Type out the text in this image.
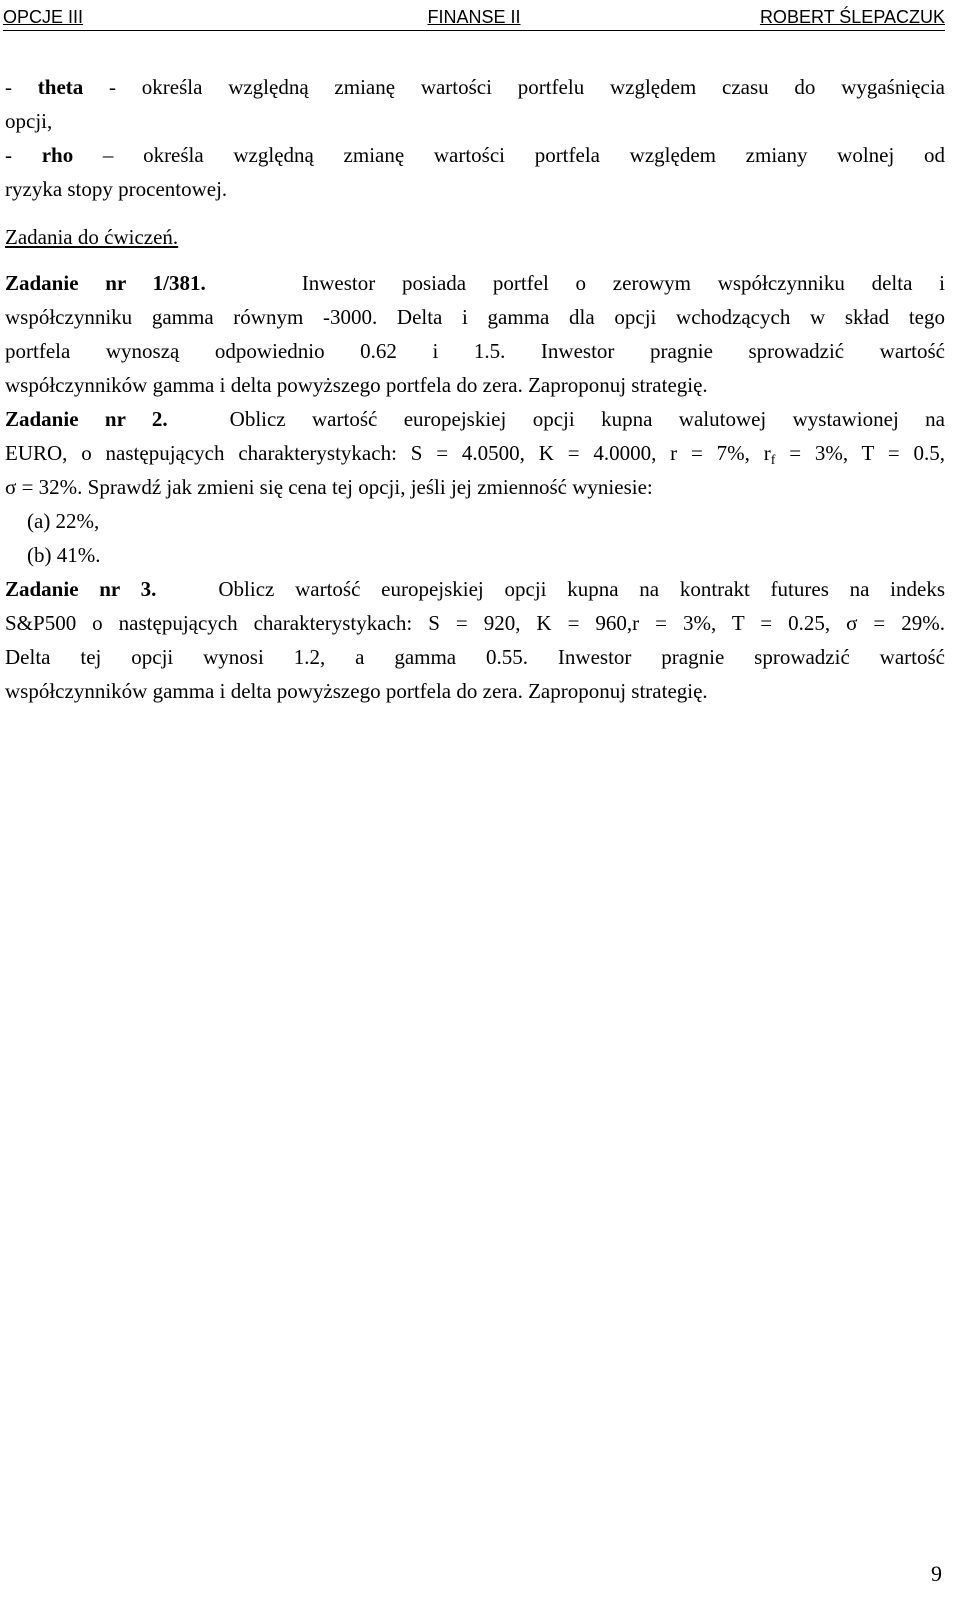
OPCJE III	FINANSE II	ROBERT ŚLEPACZUK
- theta - określa względną zmianę wartości portfelu względem czasu do wygaśnięcia
opcji,
- rho – określa względną zmianę wartości portfela względem zmiany wolnej od
ryzyka stopy procentowej.
Zadania do ćwiczeń.
Zadanie nr 1/381.	Inwestor posiada portfel o zerowym współczynniku delta i
współczynniku gamma równym -3000. Delta i gamma dla opcji wchodzących w skład tego
portfela wynoszą odpowiednio 0.62 i 1.5. Inwestor pragnie sprowadzić wartość
współczynników gamma i delta powyższego portfela do zera. Zaproponuj strategię.
Zadanie nr 2.	Oblicz wartość europejskiej opcji kupna walutowej wystawionej na
EURO, o następujących charakterystykach: S = 4.0500, K = 4.0000, r = 7%, $r_f = 3\%$, T = 0.5,
σ = 32%. Sprawdź jak zmieni się cena tej opcji, jeśli jej zmienność wyniesie:
(a) 22%,
(b) 41%.
Zadanie nr 3.	Oblicz wartość europejskiej opcji kupna na kontrakt futures na indeks
S&P500 o następujących charakterystykach: S = 920, K = 960,r = 3%, T = 0.25, σ = 29%.
Delta tej opcji wynosi 1.2, a gamma 0.55. Inwestor pragnie sprowadzić wartość
współczynników gamma i delta powyższego portfela do zera. Zaproponuj strategię.
9
